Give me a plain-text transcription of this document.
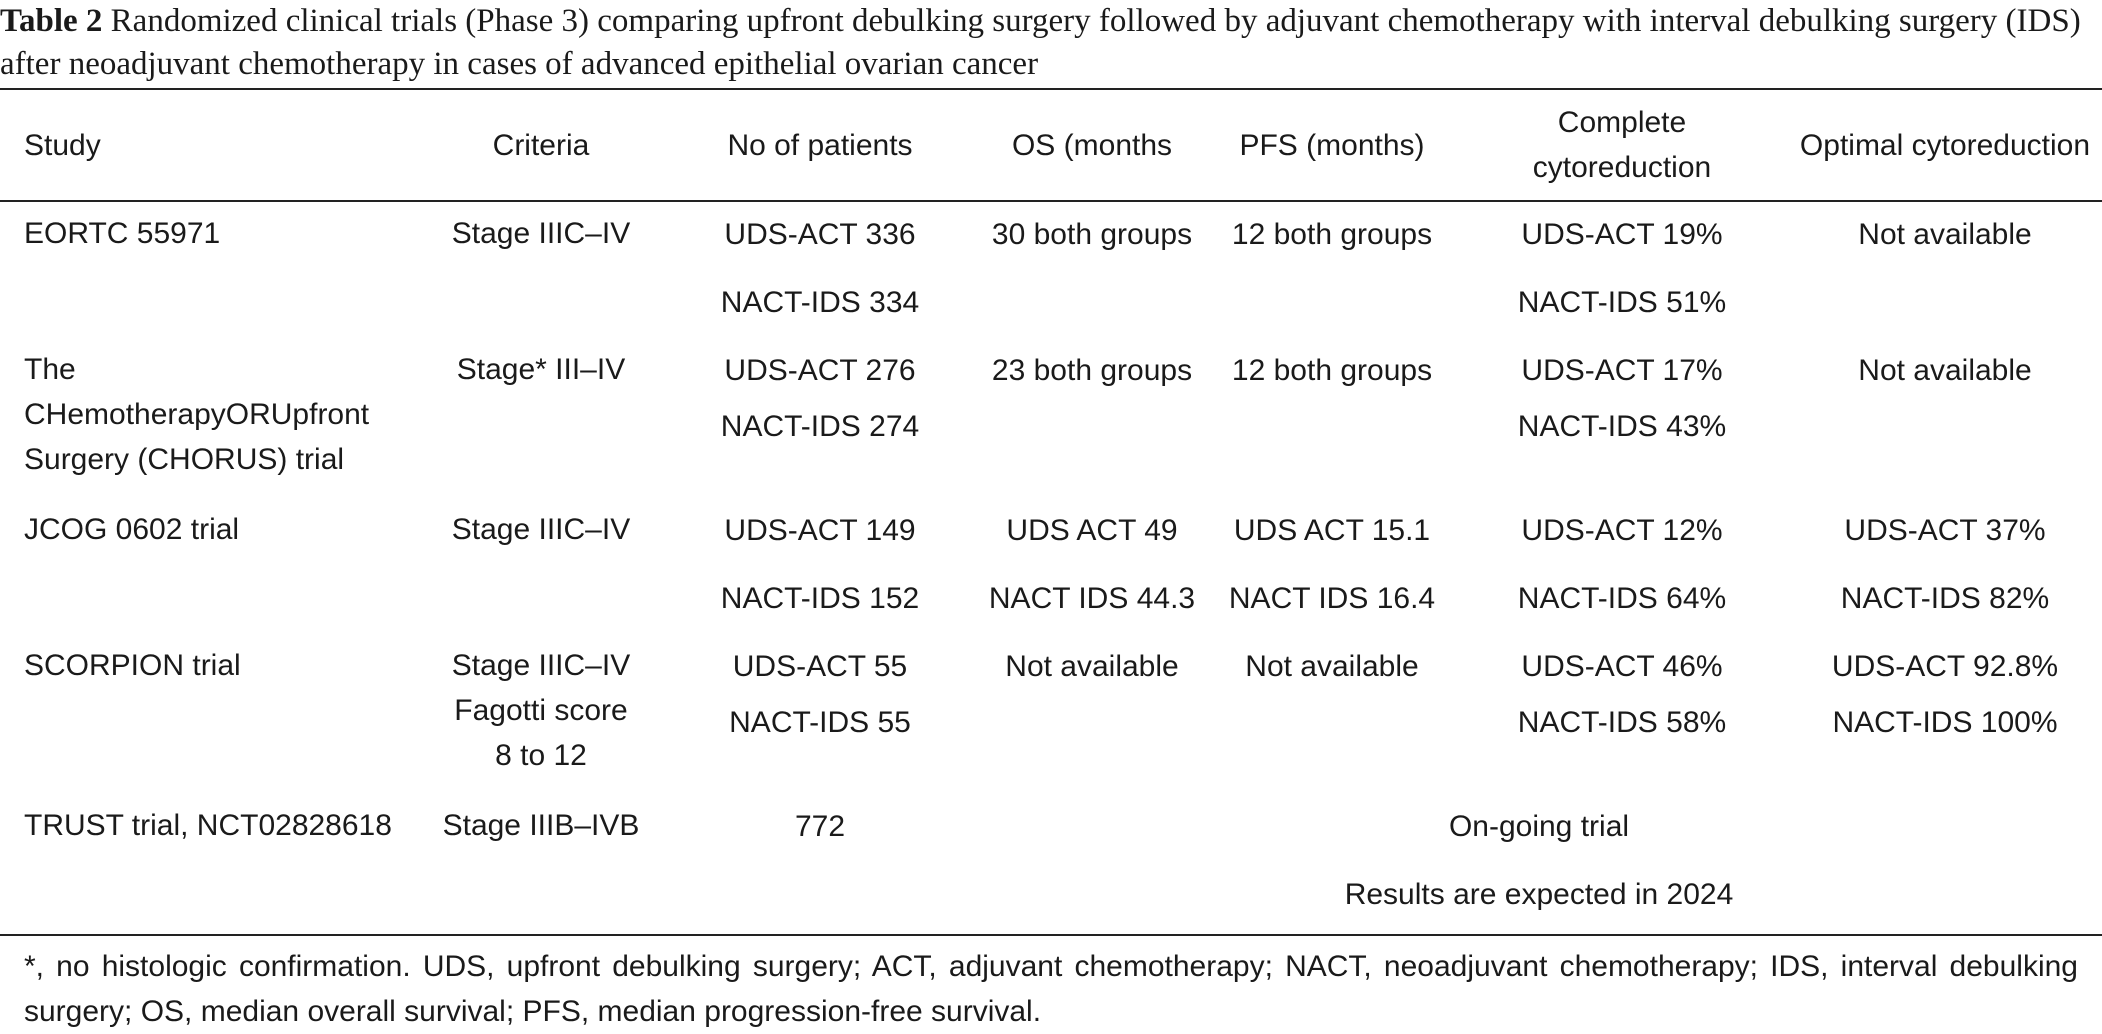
Table 2 Randomized clinical trials (Phase 3) comparing upfront debulking surgery followed by adjuvant chemotherapy with interval debulking surgery (IDS) after neoadjuvant chemotherapy in cases of advanced epithelial ovarian cancer
Study	Criteria	No of patients	OS (months	PFS (months)	Complete cytoreduction	Optimal cytoreduction
EORTC 55971	Stage IIIC–IV	UDS-ACT 336	30 both groups	12 both groups	UDS-ACT 19%	Not available
		NACT-IDS 334			NACT-IDS 51%	
The CHemotherapyORUpfront Surgery (CHORUS) trial	Stage* III–IV	UDS-ACT 276	23 both groups	12 both groups	UDS-ACT 17%	Not available
		NACT-IDS 274			NACT-IDS 43%	
JCOG 0602 trial	Stage IIIC–IV	UDS-ACT 149	UDS ACT 49	UDS ACT 15.1	UDS-ACT 12%	UDS-ACT 37%
		NACT-IDS 152	NACT IDS 44.3	NACT IDS 16.4	NACT-IDS 64%	NACT-IDS 82%
SCORPION trial	Stage IIIC–IV Fagotti score 8 to 12	UDS-ACT 55	Not available	Not available	UDS-ACT 46%	UDS-ACT 92.8%
		NACT-IDS 55			NACT-IDS 58%	NACT-IDS 100%
TRUST trial, NCT02828618	Stage IIIB–IVB	772	On-going trial			
			Results are expected in 2024			
*, no histologic confirmation. UDS, upfront debulking surgery; ACT, adjuvant chemotherapy; NACT, neoadjuvant chemotherapy; IDS, interval debulking surgery; OS, median overall survival; PFS, median progression-free survival.
